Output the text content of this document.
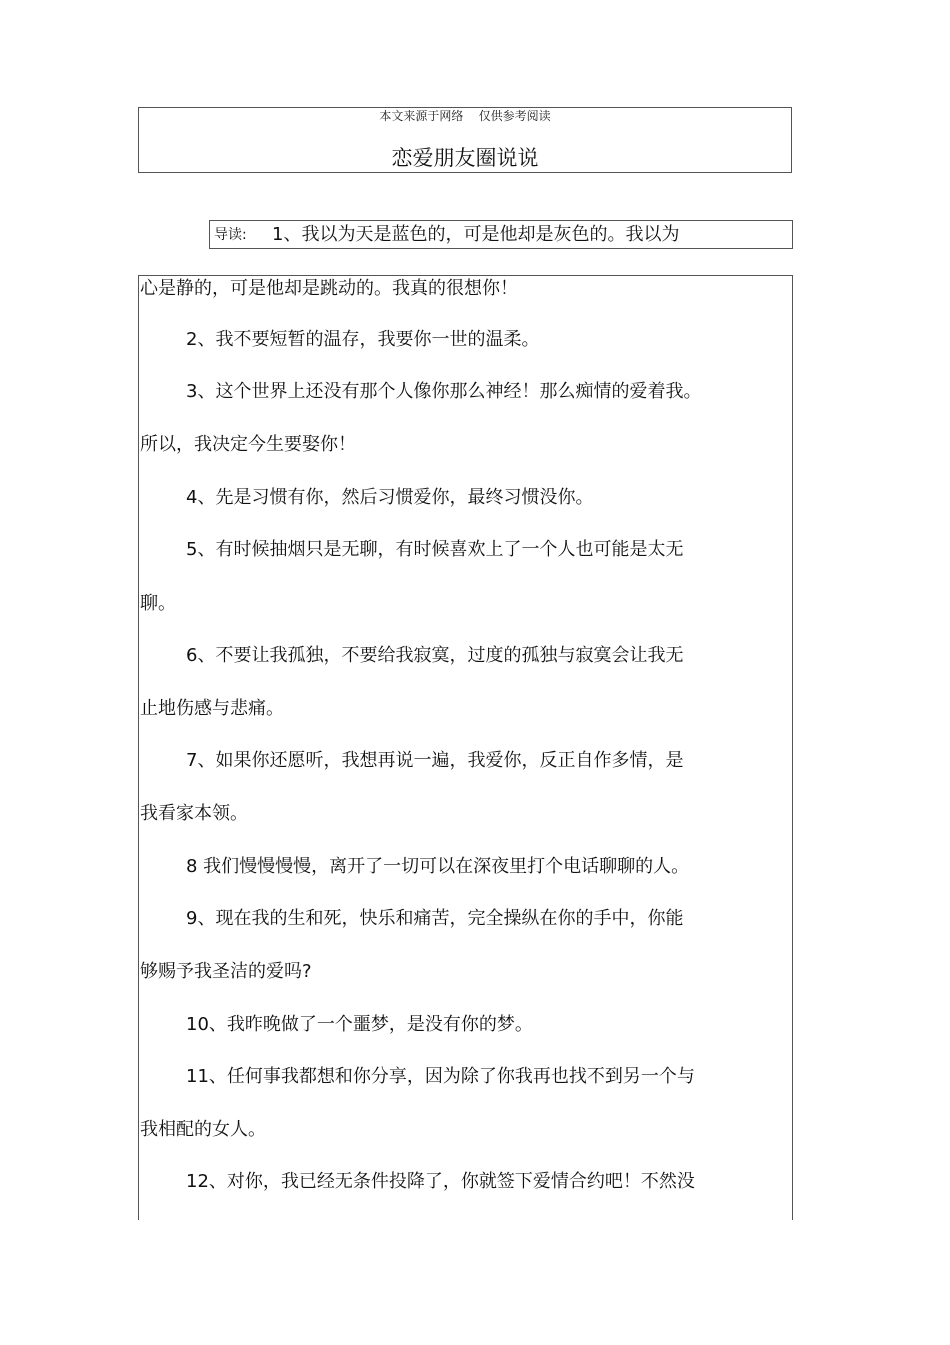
本文来源于网络    仅供参考阅读
恋爱朋友圈说说
导读: 1、我以为天是蓝色的，可是他却是灰色的。我以为
心是静的，可是他却是跳动的。我真的很想你！
2、我不要短暂的温存，我要你一世的温柔。
3、这个世界上还没有那个人像你那么神经！那么痴情的爱着我。
所以，我决定今生要娶你！
4、先是习惯有你，然后习惯爱你，最终习惯没你。
5、有时候抽烟只是无聊，有时候喜欢上了一个人也可能是太无
聊。
6、不要让我孤独，不要给我寂寞，过度的孤独与寂寞会让我无
止地伤感与悲痛。
7、如果你还愿听，我想再说一遍，我爱你，反正自作多情，是
我看家本领。
8 我们慢慢慢慢，离开了一切可以在深夜里打个电话聊聊的人。
9、现在我的生和死，快乐和痛苦，完全操纵在你的手中，你能
够赐予我圣洁的爱吗?
10、我昨晚做了一个噩梦，是没有你的梦。
11、任何事我都想和你分享，因为除了你我再也找不到另一个与
我相配的女人。
12、对你，我已经无条件投降了，你就签下爱情合约吧！不然没
